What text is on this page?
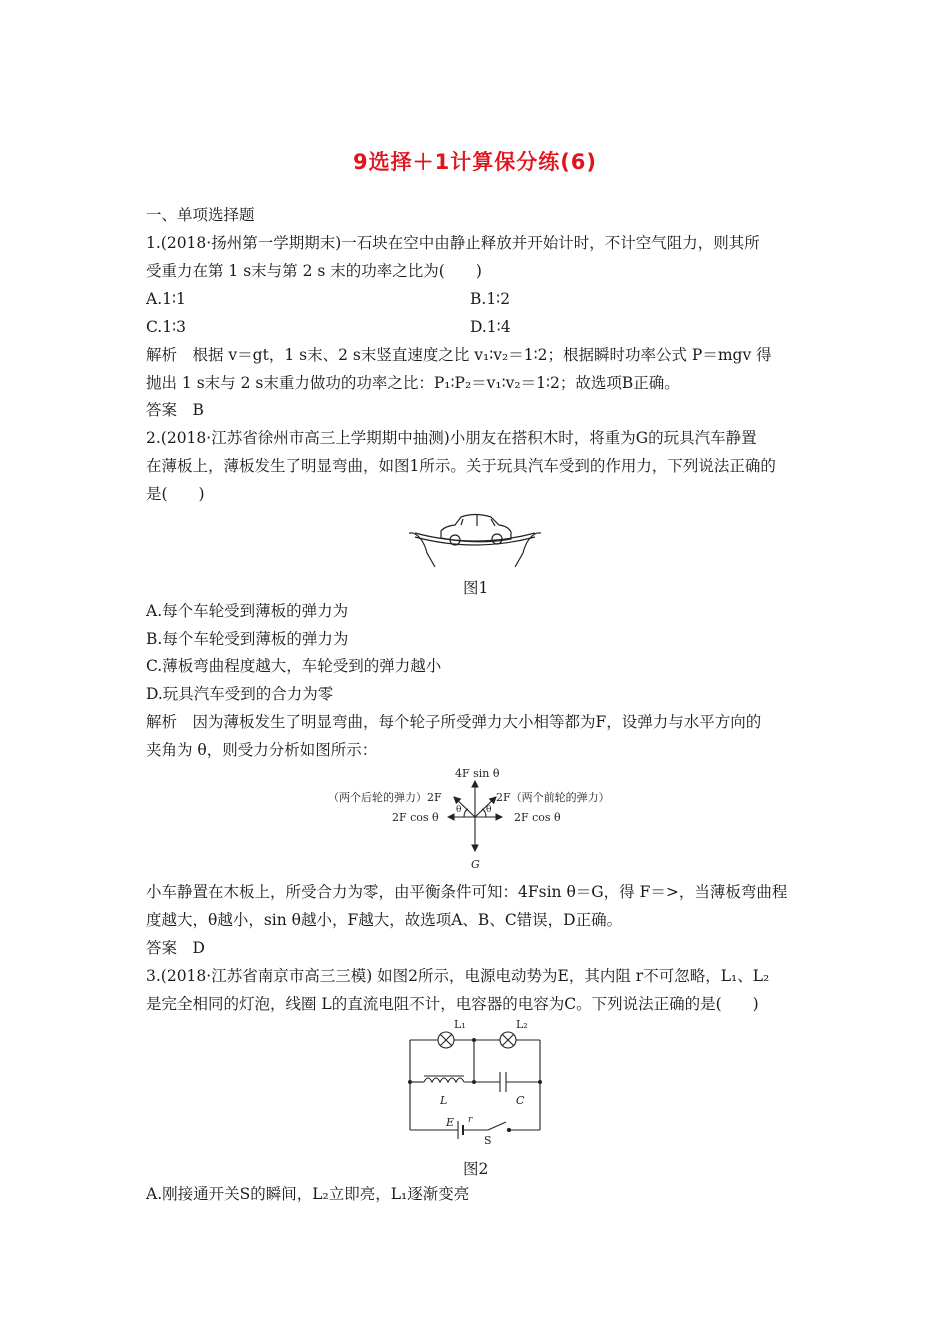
9选择＋1计算保分练(6)
一、单项选择题
1.(2018·扬州第一学期期末)一石块在空中由静止释放并开始计时，不计空气阻力，则其所
受重力在第 1 s末与第 2 s 末的功率之比为(　　)
A.1∶1	B.1∶2
C.1∶3	D.1∶4
解析　根据 v＝gt，1 s末、2 s末竖直速度之比 v₁∶v₂＝1∶2；根据瞬时功率公式 P＝mgv 得
抛出 1 s末与 2 s末重力做功的功率之比：P₁∶P₂＝v₁∶v₂＝1∶2；故选项B正确。
答案　B
2.(2018·江苏省徐州市高三上学期期中抽测)小朋友在搭积木时，将重为G的玩具汽车静置
在薄板上，薄板发生了明显弯曲，如图1所示。关于玩具汽车受到的作用力，下列说法正确的
是(　　)
图1
A.每个车轮受到薄板的弹力为
B.每个车轮受到薄板的弹力为
C.薄板弯曲程度越大，车轮受到的弹力越小
D.玩具汽车受到的合力为零
解析　因为薄板发生了明显弯曲，每个轮子所受弹力大小相等都为F，设弹力与水平方向的
夹角为 θ，则受力分析如图所示：
4F sin θ
（两个后轮的弹力）2F	2F（两个前轮的弹力）
2F cos θ	2F cos θ
θ	θ
G
小车静置在木板上，所受合力为零，由平衡条件可知：4Fsin θ＝G，得 F＝>，当薄板弯曲程
度越大，θ越小，sin θ越小，F越大，故选项A、B、C错误，D正确。
答案　D
3.(2018·江苏省南京市高三三模) 如图2所示，电源电动势为E，其内阻 r不可忽略，L₁、L₂
是完全相同的灯泡，线圈 L的直流电阻不计，电容器的电容为C。下列说法正确的是(　　)
L₁	L₂
L	C
E r
S
图2
A.刚接通开关S的瞬间，L₂立即亮，L₁逐渐变亮
